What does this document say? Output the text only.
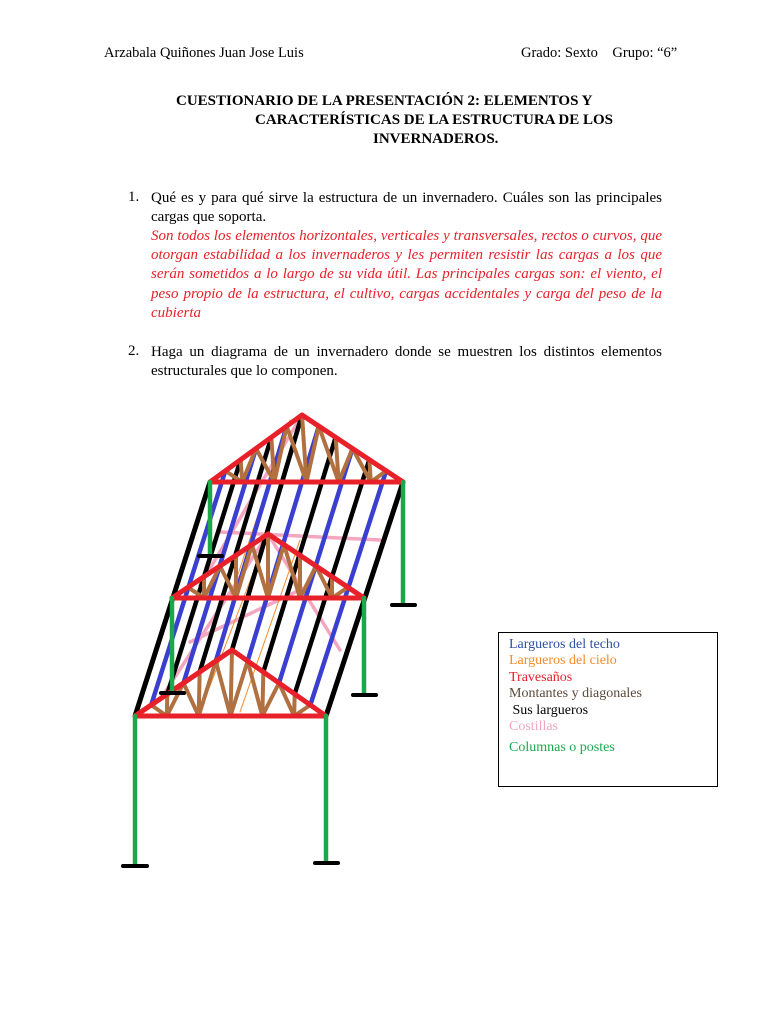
Arzabala Quiñones Juan Jose Luis	Grado: Sexto    Grupo: “6”
CUESTIONARIO DE LA PRESENTACIÓN 2: ELEMENTOS Y
CARACTERÍSTICAS DE LA ESTRUCTURA DE LOS
INVERNADEROS.
1. Qué es y para qué sirve la estructura de un invernadero. Cuáles son las principales cargas que soporta.
Son todos los elementos horizontales, verticales y transversales, rectos o curvos, que otorgan estabilidad a los invernaderos y les permiten resistir las cargas a los que serán sometidos a lo largo de su vida útil. Las principales cargas son: el viento, el peso propio de la estructura, el cultivo, cargas accidentales y carga del peso de la cubierta
2. Haga un diagrama de un invernadero donde se muestren los distintos elementos estructurales que lo componen.
Largueros del techo
Largueros del cielo
Travesaños
Montantes y diagonales
Sus largueros
Costillas
Columnas o postes
